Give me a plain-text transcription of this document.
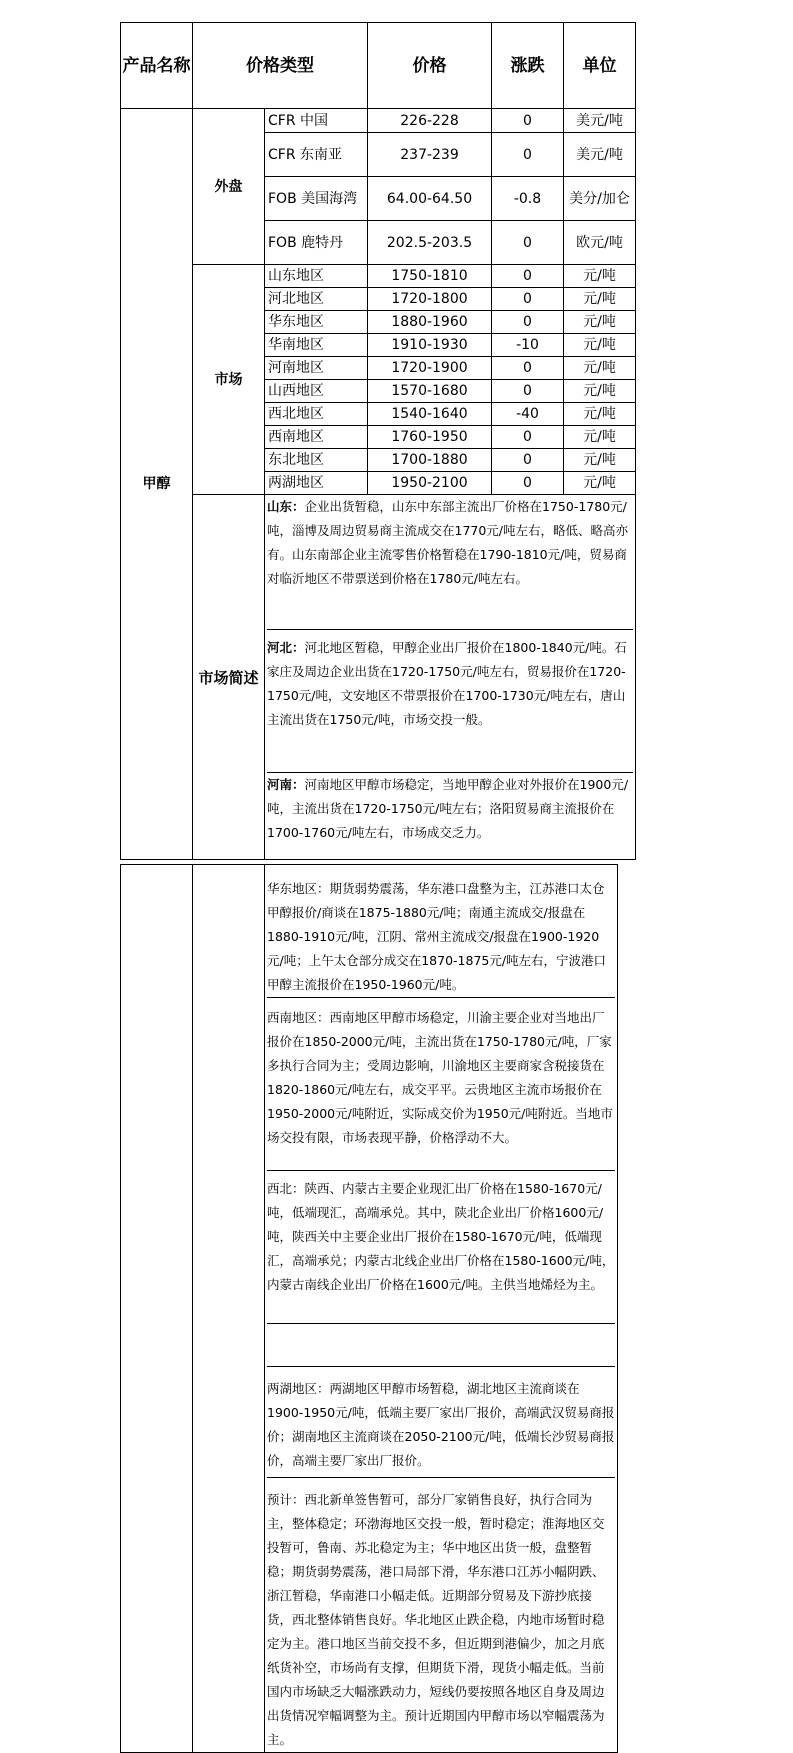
产品名称	价格类型		价格	涨跌	单位
甲醇	外盘	CFR 中国	226-228	0	美元/吨
		CFR 东南亚	237-239	0	美元/吨
		FOB 美国海湾	64.00-64.50	-0.8	美分/加仑
		FOB 鹿特丹	202.5-203.5	0	欧元/吨
	市场	山东地区	1750-1810	0	元/吨
		河北地区	1720-1800	0	元/吨
		华东地区	1880-1960	0	元/吨
		华南地区	1910-1930	-10	元/吨
		河南地区	1720-1900	0	元/吨
		山西地区	1570-1680	0	元/吨
		西北地区	1540-1640	-40	元/吨
		西南地区	1760-1950	0	元/吨
		东北地区	1700-1880	0	元/吨
		两湖地区	1950-2100	0	元/吨
	市场简述	山东：企业出货暂稳，山东中东部主流出厂价格在1750-1780元/吨，淄博及周边贸易商主流成交在1770元/吨左右，略低、略高亦有。山东南部企业主流零售价格暂稳在1790-1810元/吨，贸易商对临沂地区不带票送到价格在1780元/吨左右。
河北：河北地区暂稳，甲醇企业出厂报价在1800-1840元/吨。石家庄及周边企业出货在1720-1750元/吨左右，贸易报价在1720-1750元/吨，文安地区不带票报价在1700-1730元/吨左右，唐山主流出货在1750元/吨，市场交投一般。
河南：河南地区甲醇市场稳定，当地甲醇企业对外报价在1900元/吨，主流出货在1720-1750元/吨左右；洛阳贸易商主流报价在1700-1760元/吨左右，市场成交乏力。			

华东地区：期货弱势震荡，华东港口盘整为主，江苏港口太仓甲醇报价/商谈在1875-1880元/吨；南通主流成交/报盘在1880-1910元/吨，江阴、常州主流成交/报盘在1900-1920元/吨；上午太仓部分成交在1870-1875元/吨左右，宁波港口甲醇主流报价在1950-1960元/吨。
西南地区：西南地区甲醇市场稳定，川渝主要企业对当地出厂报价在1850-2000元/吨，主流出货在1750-1780元/吨，厂家多执行合同为主；受周边影响，川渝地区主要商家含税接货在1820-1860元/吨左右，成交平平。云贵地区主流市场报价在1950-2000元/吨附近，实际成交价为1950元/吨附近。当地市场交投有限，市场表现平静，价格浮动不大。
西北：陕西、内蒙古主要企业现汇出厂价格在1580-1670元/吨，低端现汇，高端承兑。其中，陕北企业出厂价格1600元/吨，陕西关中主要企业出厂报价在1580-1670元/吨，低端现汇，高端承兑；内蒙古北线企业出厂价格在1580-1600元/吨，内蒙古南线企业出厂价格在1600元/吨。主供当地烯烃为主。
两湖地区：两湖地区甲醇市场暂稳，湖北地区主流商谈在1900-1950元/吨，低端主要厂家出厂报价，高端武汉贸易商报价；湖南地区主流商谈在2050-2100元/吨，低端长沙贸易商报价，高端主要厂家出厂报价。
预计：西北新单签售暂可，部分厂家销售良好，执行合同为主，整体稳定；环渤海地区交投一般，暂时稳定；淮海地区交投暂可，鲁南、苏北稳定为主；华中地区出货一般，盘整暂稳；期货弱势震荡，港口局部下滑，华东港口江苏小幅阴跌、浙江暂稳，华南港口小幅走低。近期部分贸易及下游抄底接货，西北整体销售良好。华北地区止跌企稳，内地市场暂时稳定为主。港口地区当前交投不多，但近期到港偏少，加之月底纸货补空，市场尚有支撑，但期货下滑，现货小幅走低。当前国内市场缺乏大幅涨跌动力，短线仍要按照各地区自身及周边出货情况窄幅调整为主。预计近期国内甲醇市场以窄幅震荡为主。
